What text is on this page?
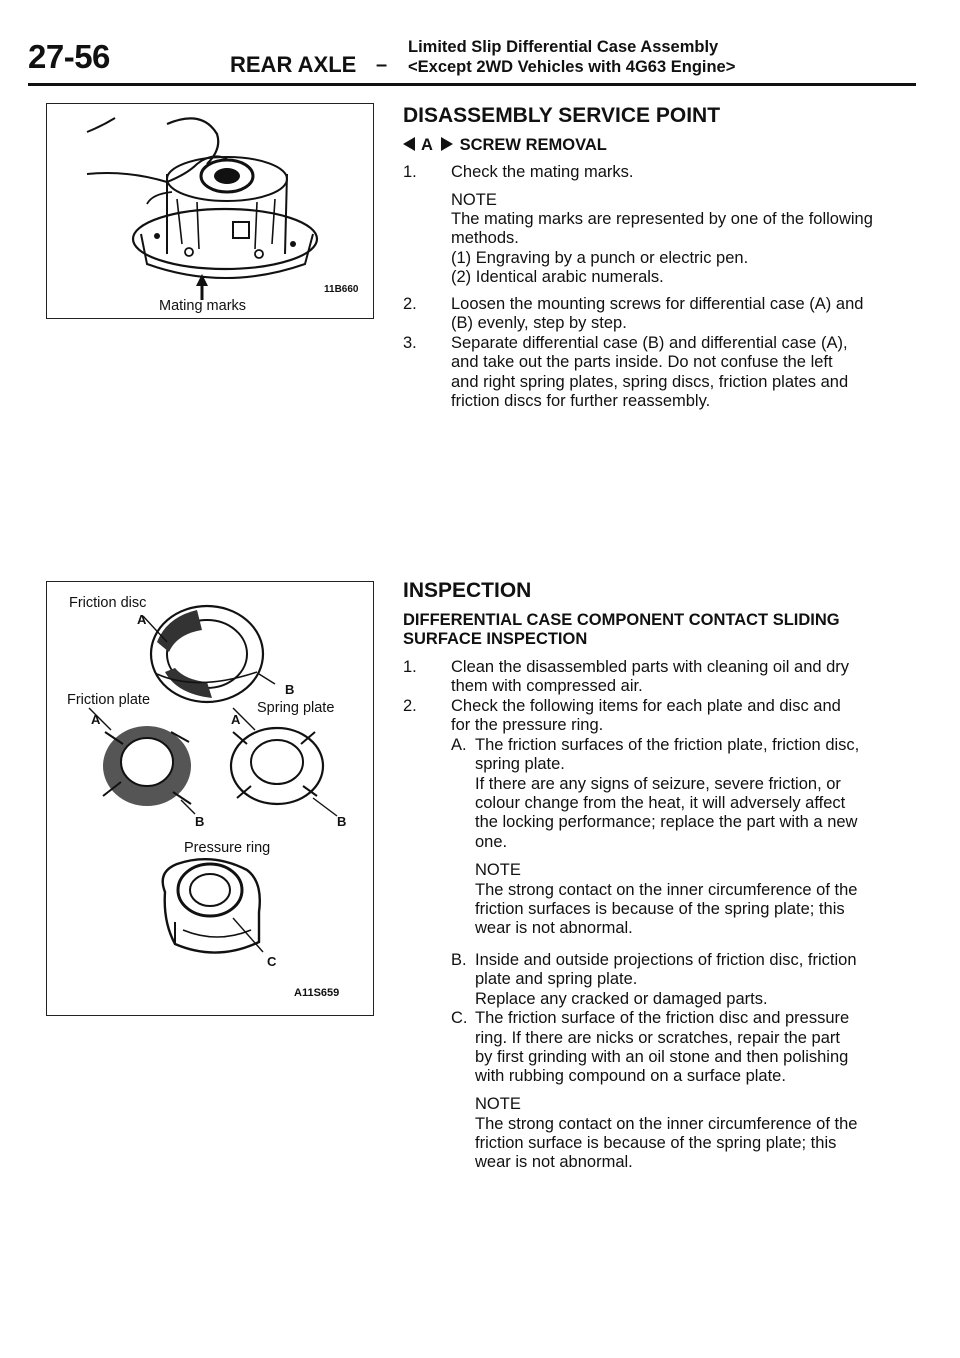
27-56	REAR AXLE –
Limited Slip Differential Case Assembly
<Except 2WD Vehicles with 4G63 Engine>
Mating marks
11B660
Friction disc
A
Friction plate
B
Spring plate
A	A
B	B
Pressure ring
C
A11S659
DISASSEMBLY SERVICE POINT

A SCREW REMOVAL
1. Check the mating marks.
NOTE
The mating marks are represented by one of the following
methods.
(1) Engraving by a punch or electric pen.
(2) Identical arabic numerals.
2. Loosen the mounting screws for differential case (A) and
(B) evenly, step by step.
3. Separate differential case (B) and differential case (A),
and take out the parts inside. Do not confuse the left
and right spring plates, spring discs, friction plates and
friction discs for further reassembly.
INSPECTION
DIFFERENTIAL CASE COMPONENT CONTACT SLIDING
SURFACE INSPECTION
1. Clean the disassembled parts with cleaning oil and dry
them with compressed air.
2. Check the following items for each plate and disc and
for the pressure ring.
A. The friction surfaces of the friction plate, friction disc,
spring plate.
If there are any signs of seizure, severe friction, or
colour change from the heat, it will adversely affect
the locking performance; replace the part with a new
one.
NOTE
The strong contact on the inner circumference of the
friction surfaces is because of the spring plate; this
wear is not abnormal.
B. Inside and outside projections of friction disc, friction
plate and spring plate.
Replace any cracked or damaged parts.
C. The friction surface of the friction disc and pressure
ring. If there are nicks or scratches, repair the part
by first grinding with an oil stone and then polishing
with rubbing compound on a surface plate.
NOTE
The strong contact on the inner circumference of the
friction surface is because of the spring plate; this
wear is not abnormal.
